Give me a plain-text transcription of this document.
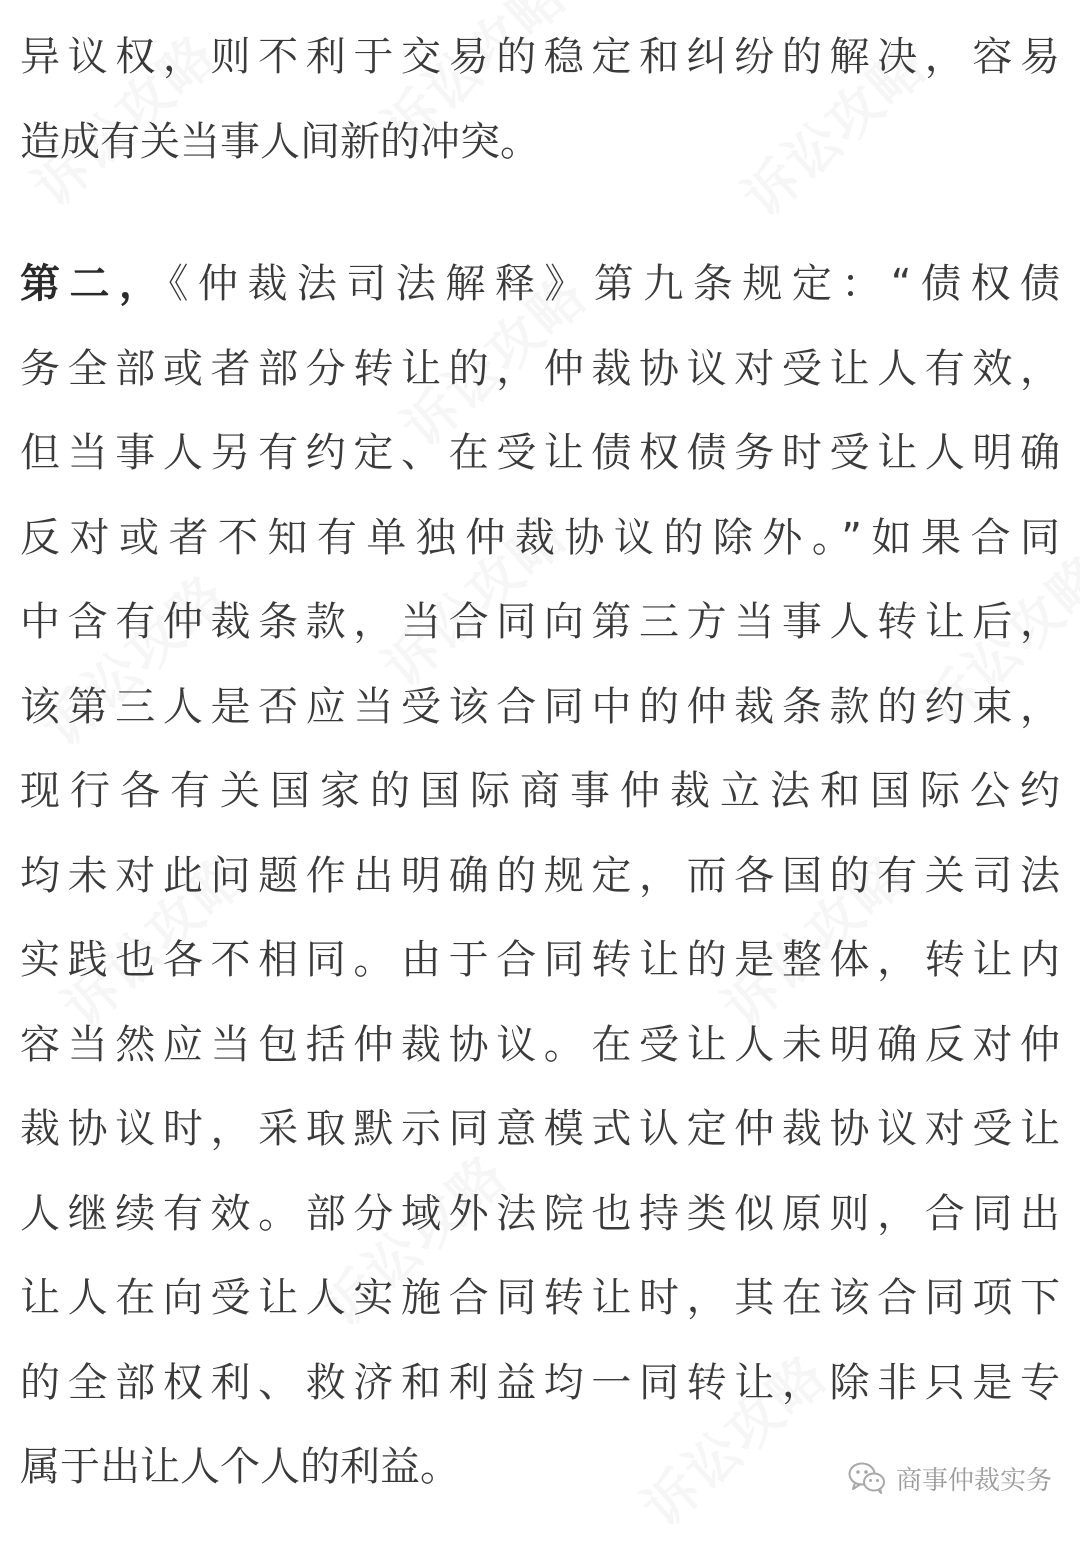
异议权，则不利于交易的稳定和纠纷的解决，容易
造成有关当事人间新的冲突。
第二，《仲裁法司法解释》第九条规定：“债权债
务全部或者部分转让的，仲裁协议对受让人有效，
但当事人另有约定、在受让债权债务时受让人明确
反对或者不知有单独仲裁协议的除外。”如果合同
中含有仲裁条款，当合同向第三方当事人转让后，
该第三人是否应当受该合同中的仲裁条款的约束，
现行各有关国家的国际商事仲裁立法和国际公约
均未对此问题作出明确的规定，而各国的有关司法
实践也各不相同。由于合同转让的是整体，转让内
容当然应当包括仲裁协议。在受让人未明确反对仲
裁协议时，采取默示同意模式认定仲裁协议对受让
人继续有效。部分域外法院也持类似原则，合同出
让人在向受让人实施合同转让时，其在该合同项下
的全部权利、救济和利益均一同转让，除非只是专
属于出让人个人的利益。	商事仲裁实务
